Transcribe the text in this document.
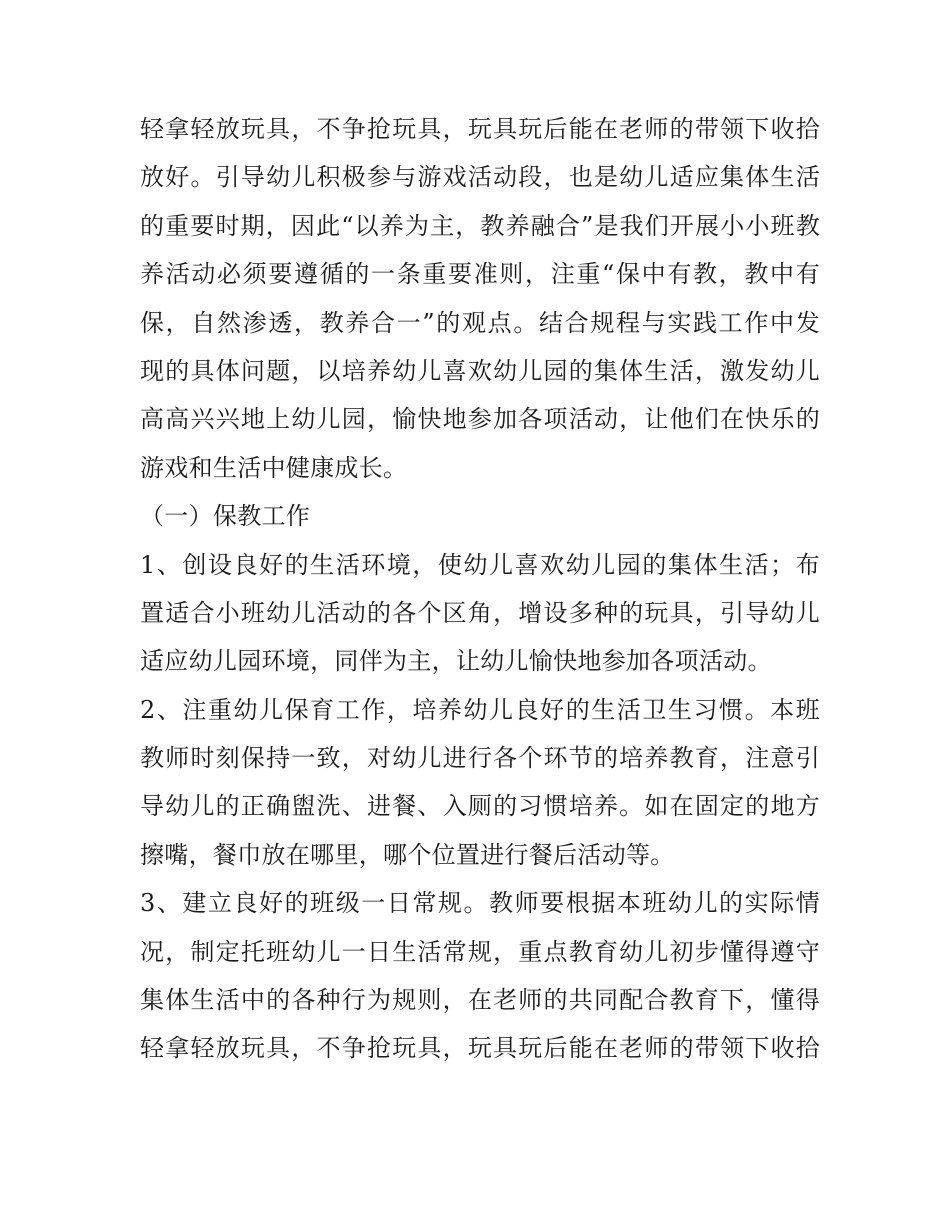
轻拿轻放玩具，不争抢玩具，玩具玩后能在老师的带领下收拾
放好。引导幼儿积极参与游戏活动段，也是幼儿适应集体生活
的重要时期，因此“以养为主，教养融合”是我们开展小小班教
养活动必须要遵循的一条重要准则，注重“保中有教，教中有
保，自然渗透，教养合一”的观点。结合规程与实践工作中发
现的具体问题，以培养幼儿喜欢幼儿园的集体生活，激发幼儿
高高兴兴地上幼儿园，愉快地参加各项活动，让他们在快乐的
游戏和生活中健康成长。
（一）保教工作
1、创设良好的生活环境，使幼儿喜欢幼儿园的集体生活；布
置适合小班幼儿活动的各个区角，增设多种的玩具，引导幼儿
适应幼儿园环境，同伴为主，让幼儿愉快地参加各项活动。
2、注重幼儿保育工作，培养幼儿良好的生活卫生习惯。本班
教师时刻保持一致，对幼儿进行各个环节的培养教育，注意引
导幼儿的正确盥洗、进餐、入厕的习惯培养。如在固定的地方
擦嘴，餐巾放在哪里，哪个位置进行餐后活动等。
3、建立良好的班级一日常规。教师要根据本班幼儿的实际情
况，制定托班幼儿一日生活常规，重点教育幼儿初步懂得遵守
集体生活中的各种行为规则，在老师的共同配合教育下，懂得
轻拿轻放玩具，不争抢玩具，玩具玩后能在老师的带领下收拾
